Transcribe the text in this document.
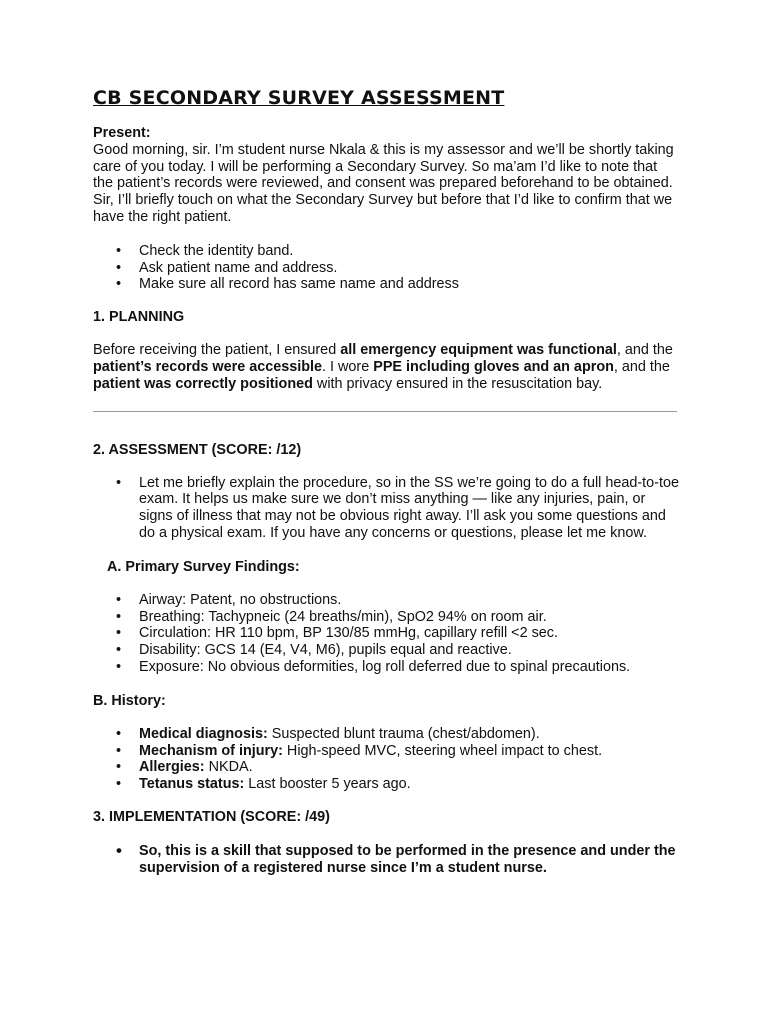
CB SECONDARY SURVEY ASSESSMENT

Present:

Good morning, sir. I’m student nurse Nkala & this is my assessor and we’ll be shortly taking care of you today. I will be performing a Secondary Survey. So ma’am I’d like to note that the patient’s records were reviewed, and consent was prepared beforehand to be obtained. Sir, I’ll briefly touch on what the Secondary Survey but before that I’d like to confirm that we have the right patient.

• Check the identity band.
• Ask patient name and address.
• Make sure all record has same name and address

1. PLANNING

Before receiving the patient, I ensured all emergency equipment was functional, and the patient’s records were accessible. I wore PPE including gloves and an apron, and the patient was correctly positioned with privacy ensured in the resuscitation bay.

2. ASSESSMENT (SCORE: /12)

• Let me briefly explain the procedure, so in the SS we’re going to do a full head-to-toe exam. It helps us make sure we don’t miss anything — like any injuries, pain, or signs of illness that may not be obvious right away. I’ll ask you some questions and do a physical exam. If you have any concerns or questions, please let me know.

A. Primary Survey Findings:

• Airway: Patent, no obstructions.
• Breathing: Tachypneic (24 breaths/min), SpO2 94% on room air.
• Circulation: HR 110 bpm, BP 130/85 mmHg, capillary refill <2 sec.
• Disability: GCS 14 (E4, V4, M6), pupils equal and reactive.
• Exposure: No obvious deformities, log roll deferred due to spinal precautions.

B. History:

• Medical diagnosis: Suspected blunt trauma (chest/abdomen).
• Mechanism of injury: High-speed MVC, steering wheel impact to chest.
• Allergies: NKDA.
• Tetanus status: Last booster 5 years ago.

3. IMPLEMENTATION (SCORE: /49)

• So, this is a skill that supposed to be performed in the presence and under the supervision of a registered nurse since I’m a student nurse.
